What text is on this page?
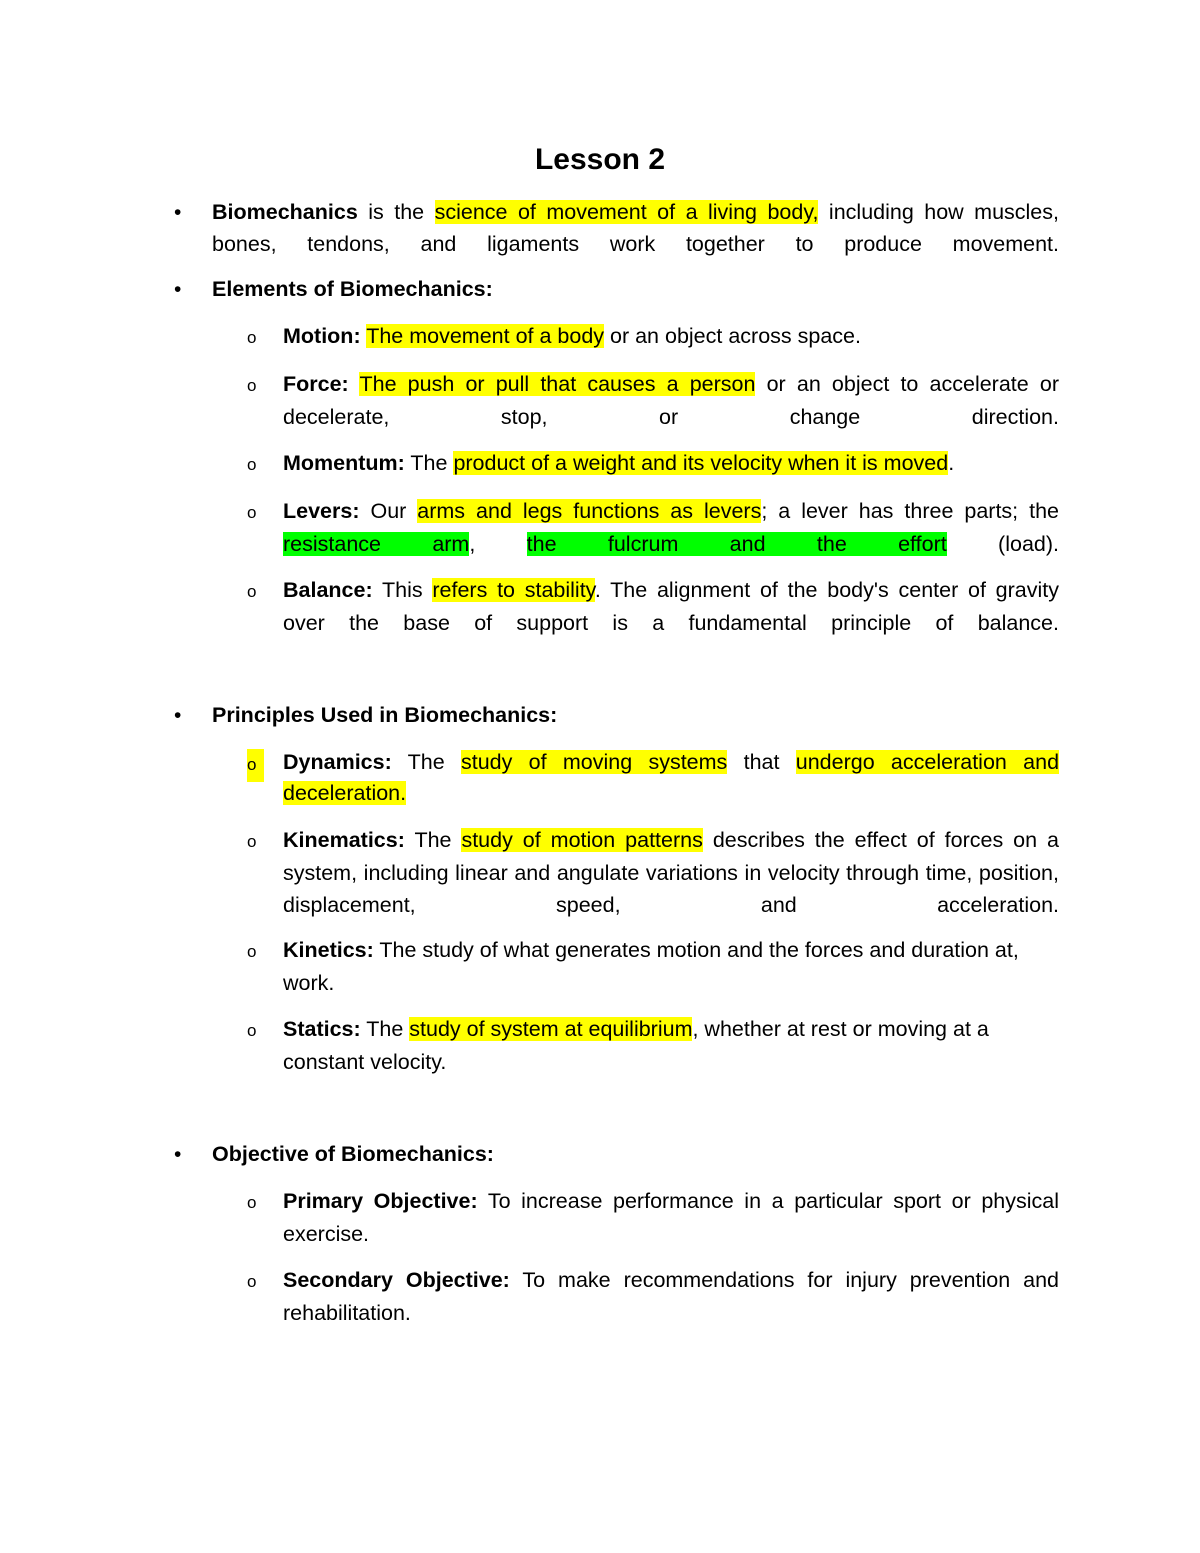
Lesson 2
• Biomechanics is the science of movement of a living body, including how muscles, bones, tendons, and ligaments work together to produce movement.
• Elements of Biomechanics:
o Motion: The movement of a body or an object across space.
o Force: The push or pull that causes a person or an object to accelerate or decelerate, stop, or change direction.
o Momentum: The product of a weight and its velocity when it is moved.
o Levers: Our arms and legs functions as levers; a lever has three parts; the resistance arm, the fulcrum and the effort (load).
o Balance: This refers to stability. The alignment of the body's center of gravity over the base of support is a fundamental principle of balance.
• Principles Used in Biomechanics:
o	Dynamics: The study of moving systems that undergo acceleration and deceleration.
o Kinematics: The study of motion patterns describes the effect of forces on a system, including linear and angulate variations in velocity through time, position, displacement, speed, and acceleration.
o Kinetics: The study of what generates motion and the forces and duration at, work.
o Statics: The study of system at equilibrium, whether at rest or moving at a constant velocity.
• Objective of Biomechanics:
o Primary Objective: To increase performance in a particular sport or physical exercise.
o Secondary Objective: To make recommendations for injury prevention and rehabilitation.
